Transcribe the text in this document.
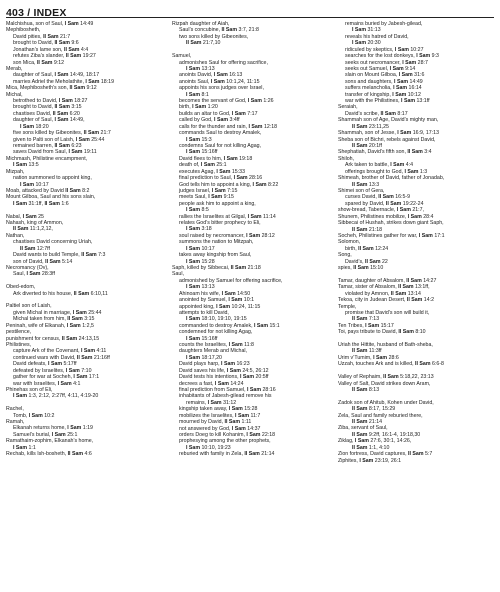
403 / INDEX
Malchishua, son of Saul, I Sam 14:49
Mephibosheth,
David pities, II Sam 21:7
brought to David, II Sam 9:6
Jonathan’s lame son, II Sam 4:4
refutes Ziba’s slander, II Sam 19:27
son Mica, II Sam 9:12
Merab,
daughter of Saul, I Sam 14:49, 18:17
marries Adriel the Meholathite, I Sam 18:19
Mica, Mephibosheth’s son, II Sam 9:12
Michal,
betrothed to David, I Sam 18:27
brought to David, II Sam 3:15
chastises David, II Sam 6:20
daughter of Saul, I Sam 14:49,
I Sam 18:20
five sons killed by Gibeonites, II Sam 21:7
given to Palti son of Laish, I Sam 25:44
remained barren, II Sam 6:23
saves David from Saul, I Sam 19:11
Michmash, Philistine encampment,
I Sam 13:5
Mizpah,
nation summoned to appoint king,
I Sam 10:17
Moab, attacked by David II Sam 8:2
Mount Gilboa, Saul and his sons slain,
I Sam 31:1ff, II Sam 1:6
Nabal, I Sam 25
Nahash, king of Ammon,
II Sam 11:1,2,12,
Nathan,
chastises David concerning Uriah,
II Sam 12:7ff
David wants to build Temple, II Sam 7:3
son of David, II Sam 5:14
Necromancy (Ov),
Saul, I Sam 28:3ff
Obed-edom,
Ark diverted to his house, II Sam 6:10,11
Paltiel son of Laish,
given Michal in marriage, I Sam 25:44
Michal taken from him, II Sam 3:15
Peninah, wife of Elkanah, I Sam 1:2,5
pestilence,
punishment for census, II Sam 24:13,15
Philistines,
capture Ark of the Covenant, I Sam 4:11
continued wars with David, II Sam 21:16ff
David defeats, I Sam 5:17ff
defeated by Israelites, I Sam 7:10
gather for war at Socheh, I Sam 17:1
war with Israelites, I Sam 4:1
Phinehas son of Eli,
I Sam 1:3, 2:12, 2:27ff, 4:11, 4:19-20
Rachel,
Tomb, I Sam 10:2
Ramah,
Elkanah returns home, I Sam 1:19
Samuel’s burial, I Sam 25:1
Ramathaim-zophim, Elkanah’s home,
I Sam 1:1
Rechab, kills Ish-bosheth, II Sam 4:6
Rizpah daughter of Aiah,
Saul’s concubine, II Sam 3:7, 21:8
two sons killed by Gibeonites,
II Sam 21:7,10
Samuel,
admonishes Saul for offering sacrifice,
I Sam 13:13
anoints David, I Sam 16:13
anoints Saul, I Sam 10:1,24, 11:15
appoints his sons judges over Israel,
I Sam 8:1
becomes the servant of God, I Sam 1:26
birth, I Sam 1:20
builds an altar to God, I Sam 7:17
called by God, I Sam 3:4ff
calls for the thunder and rain, I Sam 12:18
commands Saul to destroy Amalek,
I Sam 15:3
condemns Saul for not killing Agag,
I Sam 15:16ff
David flees to him, I Sam 19:18
death of, I Sam 25:1
executes Agag, I Sam 15:33
final prediction to Saul, I Sam 28:16
God tells him to appoint a king, I Sam 8:22
judges Israel, I Sam 7:15
meets Saul, I Sam 9:15
people ask him to appoint a king,
I Sam 8:5
rallies the Israelites at Gilgal, I Sam 11:14
relates God’s bitter prophecy to Eli,
I Sam 3:18
soul raised by necromancer, I Sam 28:12
summons the nation to Mitzpah,
I Sam 10:17
takes away kingship from Saul,
I Sam 15:28
Saph, killed by Sibbecai, II Sam 21:18
Saul,
admonished by Samuel for offering sacrifice,
I Sam 13:13
Ahinoam his wife, I Sam 14:50
anointed by Samuel, I Sam 10:1
appointed king, I Sam 10:24, 11:15
attempts to kill David,
I Sam 18:10, 19:10, 19:15
commanded to destroy Amalek, I Sam 15:1
condemned for not killing Agag,
I Sam 15:16ff
counts the Israelites, I Sam 11:8
daughters Merab and Michal,
I Sam 18:17,20
David plays harp, I Sam 16:23
David saves his life, I Sam 24:5, 26:12
David tests his intentions, I Sam 20:5ff
decrees a fast, I Sam 14:24
final prediction from Samuel, I Sam 28:16
inhabitants of Jabesh-gilead remove his
remains, I Sam 31:12
kingship taken away, I Sam 15:28
mobilizes the Israelites, I Sam 11:7
mourned by David, II Sam 1:11
not answered by God, I Sam 14:37
orders Doeg to kill Kohanim, I Sam 22:18
prophesying among the other prophets,
I Sam 10:10, 19:23
reburied with family in Zela, II Sam 21:14
remains buried by Jabesh-gilead,
I Sam 31:13
reveals his hatred of David,
I Sam 20:30
ridiculed by skeptics, I Sam 10:27
searches for the lost donkeys, I Sam 9:3
seeks out necromancer, I Sam 28:7
seeks out Samuel, I Sam 9:14
slain on Mount Gilboa, I Sam 31:6
sons and daughters, I Sam 14:49
suffers melancholia, I Sam 16:14
transfer of kingship, I Sam 10:12
war with the Philistines, I Sam 13:1ff
Seraiah,
David’s scribe, II Sam 8:17
Shammah son of Age, David’s mighty man,
II Sam 23:11,25
Shammah, son of Jesse, I Sam 16:9, 17:13
Sheba son of Bichri, rebels against David,
II Sam 20:1ff
Shephatiah, David’s fifth son, II Sam 3:4
Shiloh,
Ark taken to battle, I Sam 4:4
offerings brought to God, I Sam 1:3
Shimeah, brother of David, father of Jonadab,
II Sam 13:3
Shimei son of Gera,
curses David, II Sam 16:5-9
spared by David, II Sam 19:22-24
show-bread, Tabernacle, I Sam 21:7,
Shunem, Philistines mobilize, I Sam 28:4
Sibbecai of Hushah, strikes down giant Saph,
II Sam 21:18
Socheh, Philistines gather for war, I Sam 17:1
Solomon,
birth, II Sam 12:24
Song,
David’s, II Sam 22
spies, II Sam 15:10
Tamar, daughter of Absalom, II Sam 14:27
Tamar, sister of Absalom, II Sam 13:1ff,
violated by Amnon, II Sam 13:14
Tekoa, city in Judean Desert, II Sam 14:2
Temple,
promise that David’s son will build it,
II Sam 7:13
Ten Tribes, I Sam 15:17
Toi, pays tribute to David, II Sam 8:10
Uriah the Hittite, husband of Bath-sheba,
II Sam 11:3ff
Urim v’Tumim, I Sam 28:6
Uzzah, touches Ark and is killed, II Sam 6:6-8
Valley of Rephaim, II Sam 5:18,22, 23:13
Valley of Salt, David strikes down Aram,
II Sam 8:13
Zadok son of Ahitub, Kohen under David,
II Sam 8:17, 15:29
Zela, Saul and family reburied there,
II Sam 21:14
Ziba, servant of Saul,
II Sam 9:2ff, 16:1-4, 19:18,30
Ziklag, I Sam 27:6, 30:1, 14:26,
II Sam 1:1, 4:10
Zion fortress, David captures, II Sam 5:7
Ziphites, I Sam 23:19, 26:1
